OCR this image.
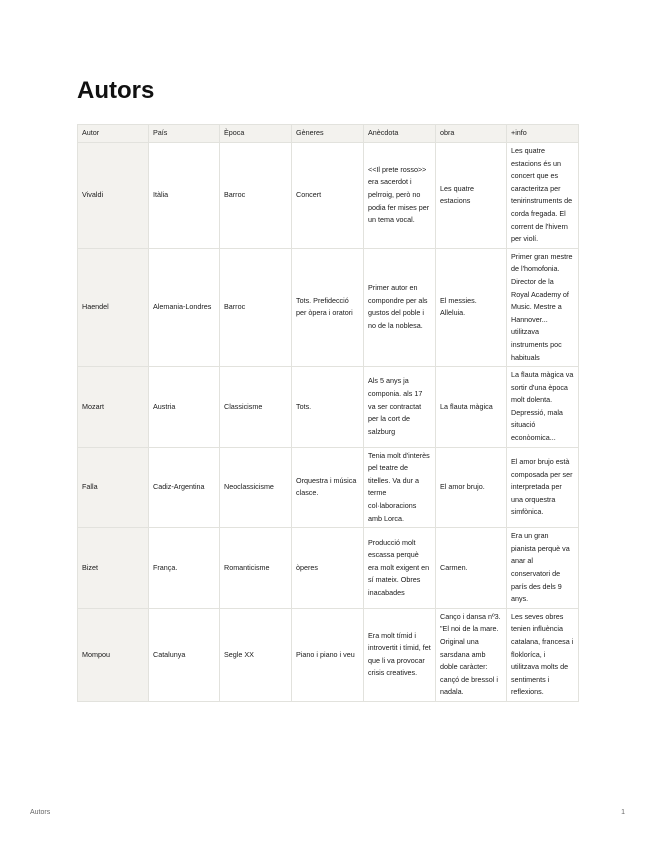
Autors
Autor	País	Època	Gèneres	Anècdota	obra	+info
Vivaldi	Itàlia	Barroc	Concert	<<Il prete rosso>> era sacerdot i pelrroig, però no podia fer mises per un tema vocal.	Les quatre estacions	Les quatre estacions és un concert que es caracteritza per tenirinstruments de corda fregada. El corrent de l'hivern per violí.
Haendel	Alemania-Londres	Barroc	Tots. Prefidecció per òpera i oratori	Primer autor en compondre per als gustos del poble i no de la noblesa.	El messies. Alleluia.	Primer gran mestre de l'homofonia. Director de la Royal Academy of Music. Mestre a Hannover... utilitzava instruments poc habituals
Mozart	Austria	Classicisme	Tots.	Als 5 anys ja componia. als 17 va ser contractat per la cort de salzburg	La flauta màgica	La flauta màgica va sortir d'una època molt dolenta. Depressió, mala situació econòomica...
Falla	Cadiz-Argentina	Neoclassicisme	Orquestra i música clasce.	Tenia molt d'interès pel teatre de titelles. Va dur a terme col·laboracions amb Lorca.	El amor brujo.	El amor brujo està composada per ser interpretada per una orquestra simfònica.
Bizet	França.	Romanticisme	òperes	Producció molt escassa perquè era molt exigent en sí mateix. Obres inacabades	Carmen.	Era un gran pianista perquè va anar al conservatori de parís des dels 9 anys.
Mompou	Catalunya	Segle XX	Piano i piano i veu	Era molt tímid i introvertit i tímid, fet que li va provocar crisis creatives.	Canço i dansa nº3. "El noi de la mare. Original una sarsdana amb doble caràcter: cançó de bressol i nadala.	Les seves obres tenien influència catalana, francesa i flokloríca, i utilitzava molts de sentiments i reflexions.
Autors	1
